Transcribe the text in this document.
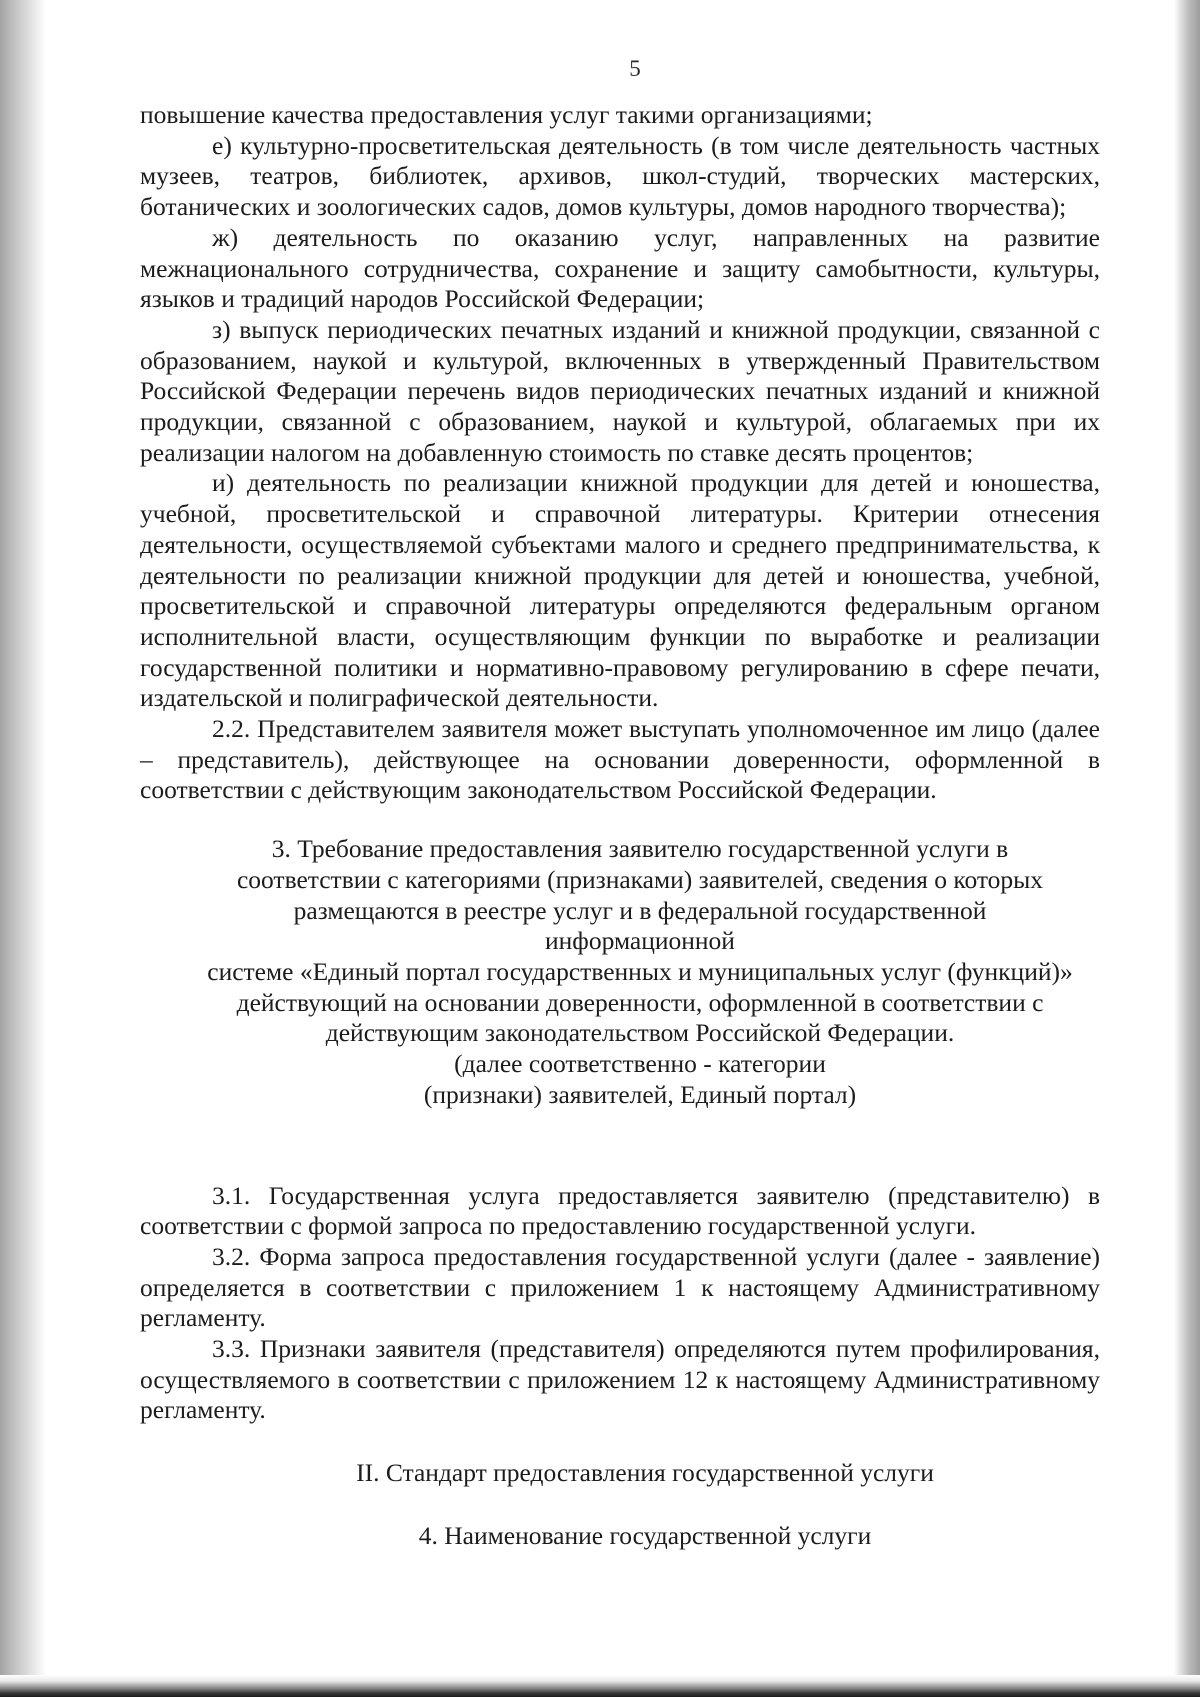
5

повышение качества предоставления услуг такими организациями;

е) культурно-просветительская деятельность (в том числе деятельность частных музеев, театров, библиотек, архивов, школ-студий, творческих мастерских, ботанических и зоологических садов, домов культуры, домов народного творчества);

ж) деятельность по оказанию услуг, направленных на развитие межнационального сотрудничества, сохранение и защиту самобытности, культуры, языков и традиций народов Российской Федерации;

з) выпуск периодических печатных изданий и книжной продукции, связанной с образованием, наукой и культурой, включенных в утвержденный Правительством Российской Федерации перечень видов периодических печатных изданий и книжной продукции, связанной с образованием, наукой и культурой, облагаемых при их реализации налогом на добавленную стоимость по ставке десять процентов;

и) деятельность по реализации книжной продукции для детей и юношества, учебной, просветительской и справочной литературы. Критерии отнесения деятельности, осуществляемой субъектами малого и среднего предпринимательства, к деятельности по реализации книжной продукции для детей и юношества, учебной, просветительской и справочной литературы определяются федеральным органом исполнительной власти, осуществляющим функции по выработке и реализации государственной политики и нормативно-правовому регулированию в сфере печати, издательской и полиграфической деятельности.

2.2. Представителем заявителя может выступать уполномоченное им лицо (далее – представитель), действующее на основании доверенности, оформленной в соответствии с действующим законодательством Российской Федерации.

3. Требование предоставления заявителю государственной услуги в
соответствии с категориями (признаками) заявителей, сведения о которых
размещаются в реестре услуг и в федеральной государственной информационной
системе «Единый портал государственных и муниципальных услуг (функций)»
действующий на основании доверенности, оформленной в соответствии с
действующим законодательством Российской Федерации.
(далее соответственно - категории
(признаки) заявителей, Единый портал)

3.1. Государственная услуга предоставляется заявителю (представителю) в соответствии с формой запроса по предоставлению государственной услуги.

3.2. Форма запроса предоставления государственной услуги (далее - заявление) определяется в соответствии с приложением 1 к настоящему Административному регламенту.

3.3. Признаки заявителя (представителя) определяются путем профилирования, осуществляемого в соответствии с приложением 12 к настоящему Административному регламенту.

II. Стандарт предоставления государственной услуги

4. Наименование государственной услуги
